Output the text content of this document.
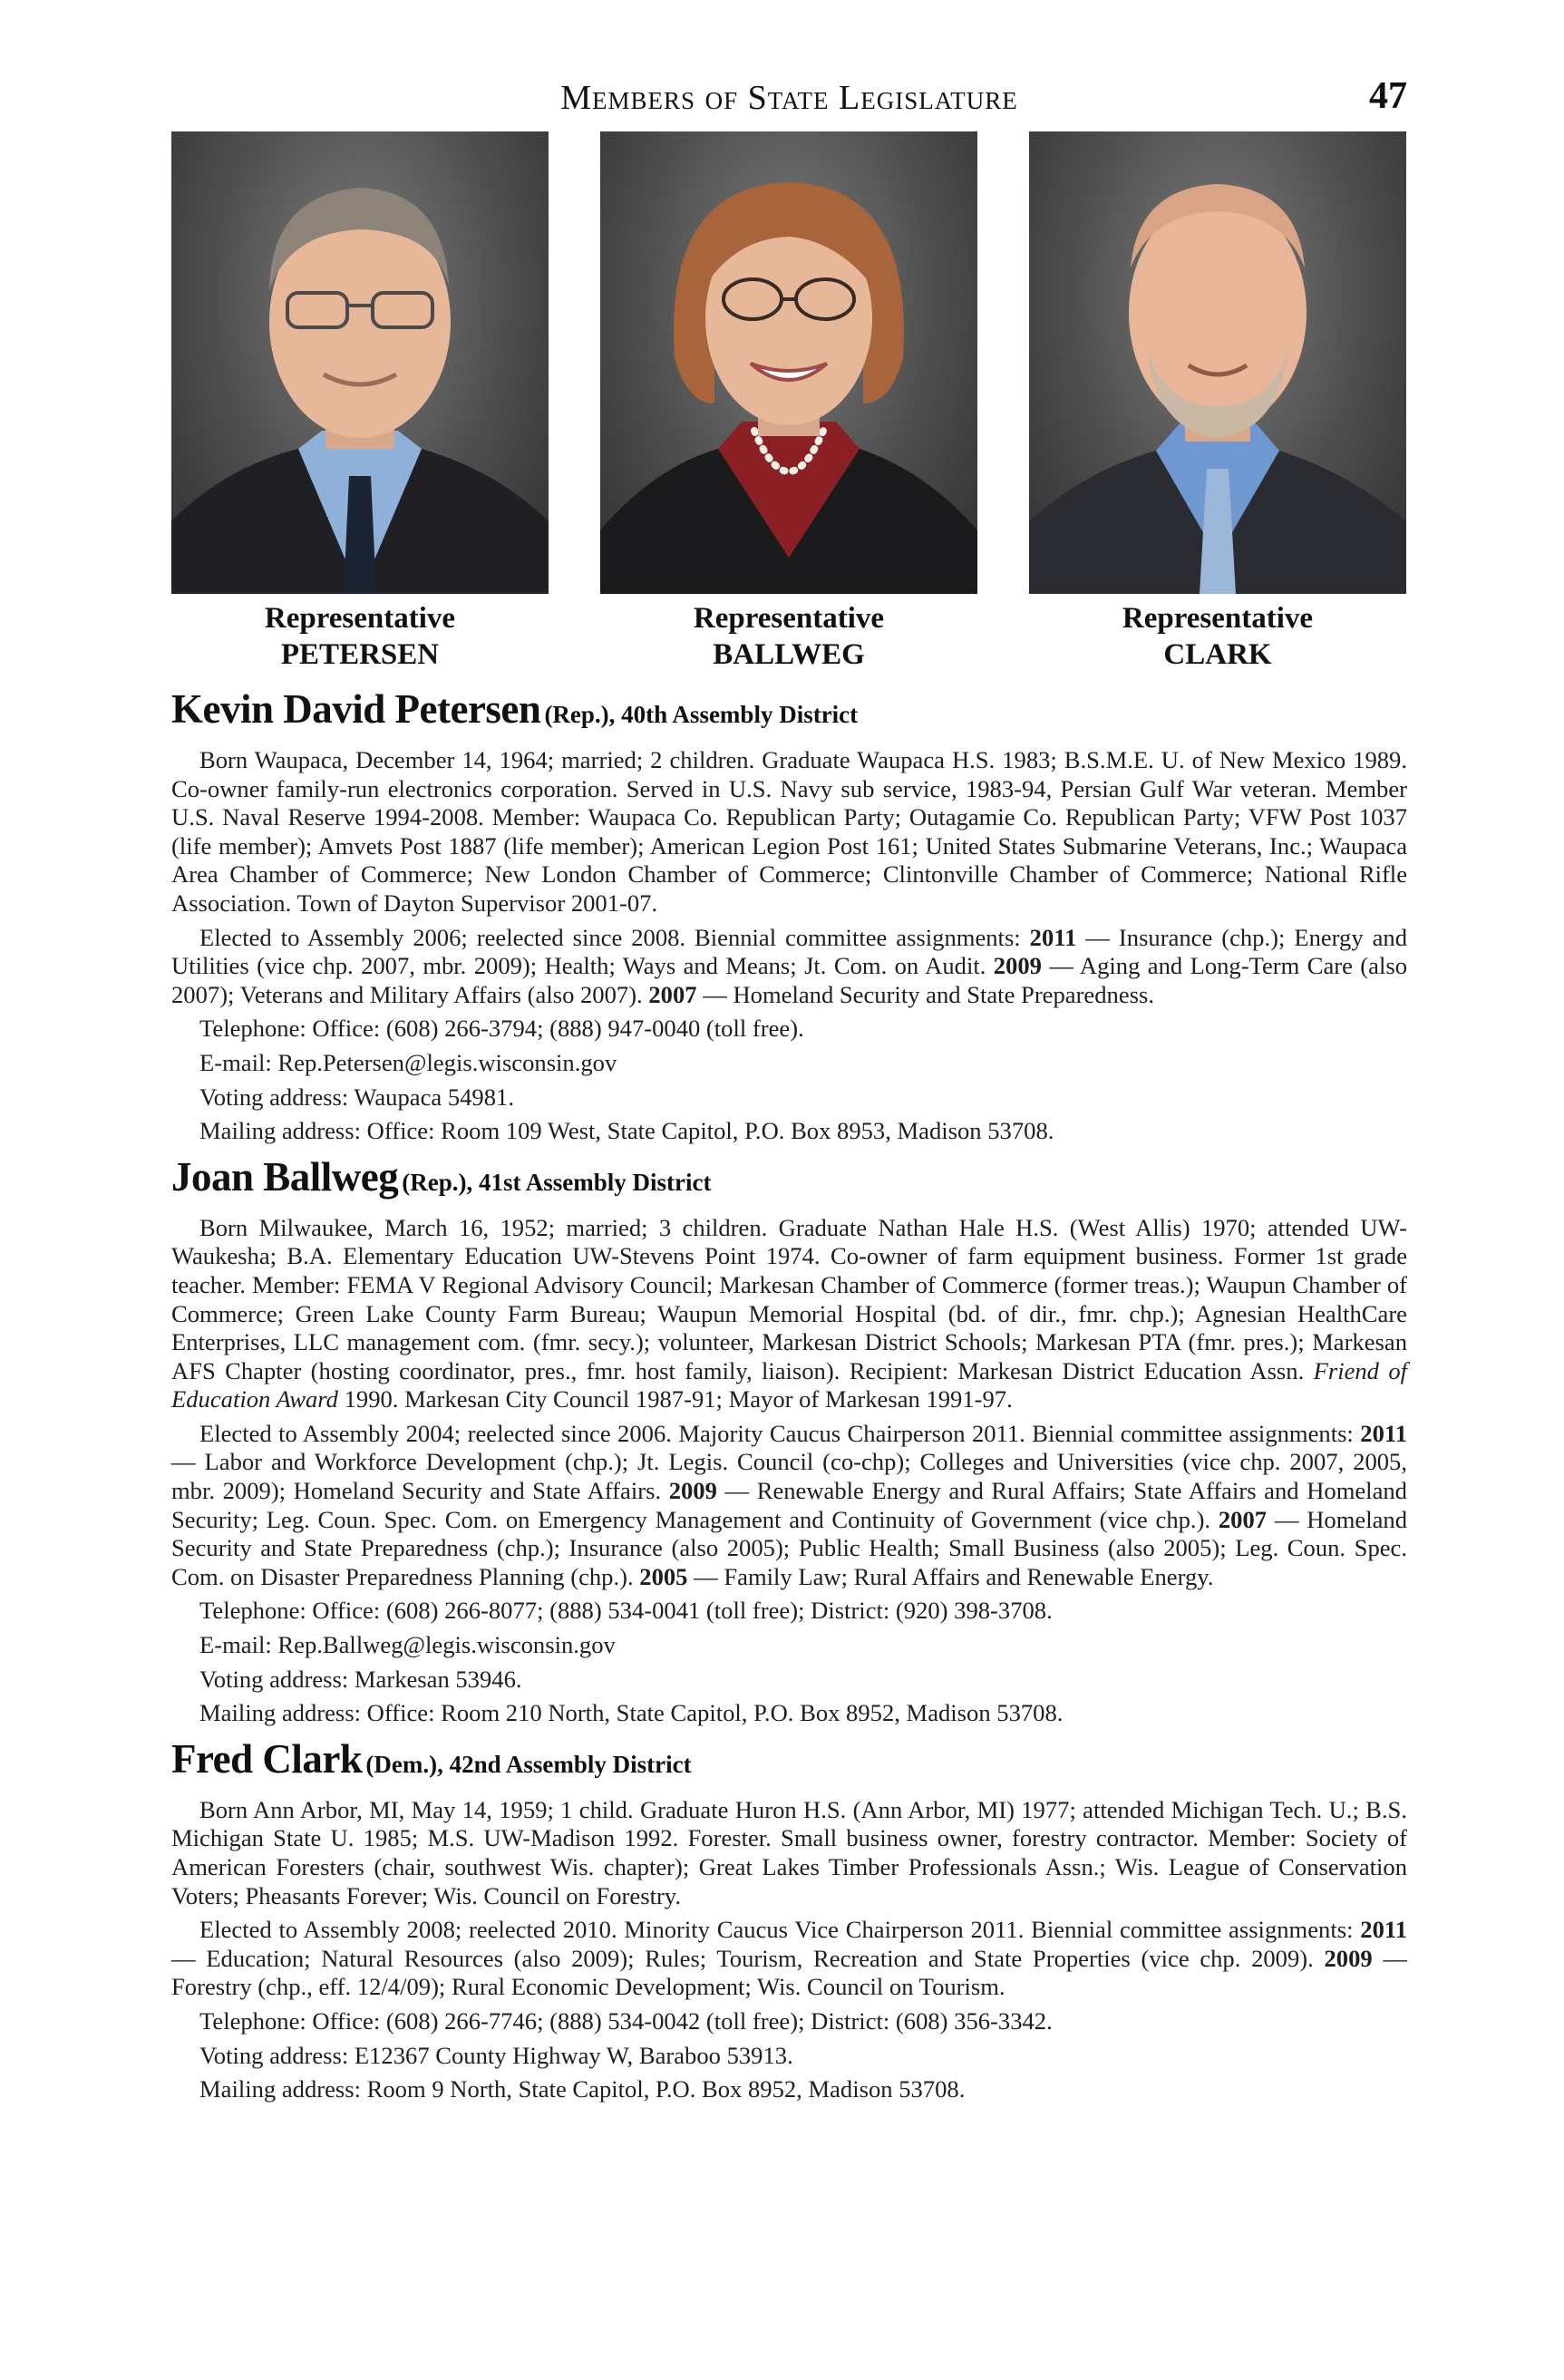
Members of State Legislature	47
Representative
PETERSEN
Representative
BALLWEG
Representative
CLARK
Kevin David Petersen (Rep.), 40th Assembly District

Born Waupaca, December 14, 1964; married; 2 children. Graduate Waupaca H.S. 1983; B.S.M.E. U. of New Mexico 1989. Co-owner family-run electronics corporation. Served in U.S. Navy sub service, 1983-94, Persian Gulf War veteran. Member U.S. Naval Reserve 1994-2008. Member: Waupaca Co. Republican Party; Outagamie Co. Republican Party; VFW Post 1037 (life member); Amvets Post 1887 (life member); American Legion Post 161; United States Submarine Veterans, Inc.; Waupaca Area Chamber of Commerce; New London Chamber of Commerce; Clintonville Chamber of Commerce; National Rifle Association. Town of Dayton Supervisor 2001-07.

Elected to Assembly 2006; reelected since 2008. Biennial committee assignments: 2011 — Insurance (chp.); Energy and Utilities (vice chp. 2007, mbr. 2009); Health; Ways and Means; Jt. Com. on Audit. 2009 — Aging and Long-Term Care (also 2007); Veterans and Military Affairs (also 2007). 2007 — Homeland Security and State Preparedness.

Telephone: Office: (608) 266-3794; (888) 947-0040 (toll free).

E-mail: Rep.Petersen@legis.wisconsin.gov

Voting address: Waupaca 54981.

Mailing address: Office: Room 109 West, State Capitol, P.O. Box 8953, Madison 53708.

Joan Ballweg (Rep.), 41st Assembly District

Born Milwaukee, March 16, 1952; married; 3 children. Graduate Nathan Hale H.S. (West Allis) 1970; attended UW-Waukesha; B.A. Elementary Education UW-Stevens Point 1974. Co-owner of farm equipment business. Former 1st grade teacher. Member: FEMA V Regional Advisory Council; Markesan Chamber of Commerce (former treas.); Waupun Chamber of Commerce; Green Lake County Farm Bureau; Waupun Memorial Hospital (bd. of dir., fmr. chp.); Agnesian HealthCare Enterprises, LLC management com. (fmr. secy.); volunteer, Markesan District Schools; Markesan PTA (fmr. pres.); Markesan AFS Chapter (hosting coordinator, pres., fmr. host family, liaison). Recipient: Markesan District Education Assn. Friend of Education Award 1990. Markesan City Council 1987-91; Mayor of Markesan 1991-97.

Elected to Assembly 2004; reelected since 2006. Majority Caucus Chairperson 2011. Biennial committee assignments: 2011 — Labor and Workforce Development (chp.); Jt. Legis. Council (co-chp); Colleges and Universities (vice chp. 2007, 2005, mbr. 2009); Homeland Security and State Affairs. 2009 — Renewable Energy and Rural Affairs; State Affairs and Homeland Security; Leg. Coun. Spec. Com. on Emergency Management and Continuity of Government (vice chp.). 2007 — Homeland Security and State Preparedness (chp.); Insurance (also 2005); Public Health; Small Business (also 2005); Leg. Coun. Spec. Com. on Disaster Preparedness Planning (chp.). 2005 — Family Law; Rural Affairs and Renewable Energy.

Telephone: Office: (608) 266-8077; (888) 534-0041 (toll free); District: (920) 398-3708.

E-mail: Rep.Ballweg@legis.wisconsin.gov

Voting address: Markesan 53946.

Mailing address: Office: Room 210 North, State Capitol, P.O. Box 8952, Madison 53708.

Fred Clark (Dem.), 42nd Assembly District

Born Ann Arbor, MI, May 14, 1959; 1 child. Graduate Huron H.S. (Ann Arbor, MI) 1977; attended Michigan Tech. U.; B.S. Michigan State U. 1985; M.S. UW-Madison 1992. Forester. Small business owner, forestry contractor. Member: Society of American Foresters (chair, southwest Wis. chapter); Great Lakes Timber Professionals Assn.; Wis. League of Conservation Voters; Pheasants Forever; Wis. Council on Forestry.

Elected to Assembly 2008; reelected 2010. Minority Caucus Vice Chairperson 2011. Biennial committee assignments: 2011 — Education; Natural Resources (also 2009); Rules; Tourism, Recreation and State Properties (vice chp. 2009). 2009 — Forestry (chp., eff. 12/4/09); Rural Economic Development; Wis. Council on Tourism.

Telephone: Office: (608) 266-7746; (888) 534-0042 (toll free); District: (608) 356-3342.

Voting address: E12367 County Highway W, Baraboo 53913.

Mailing address: Room 9 North, State Capitol, P.O. Box 8952, Madison 53708.
